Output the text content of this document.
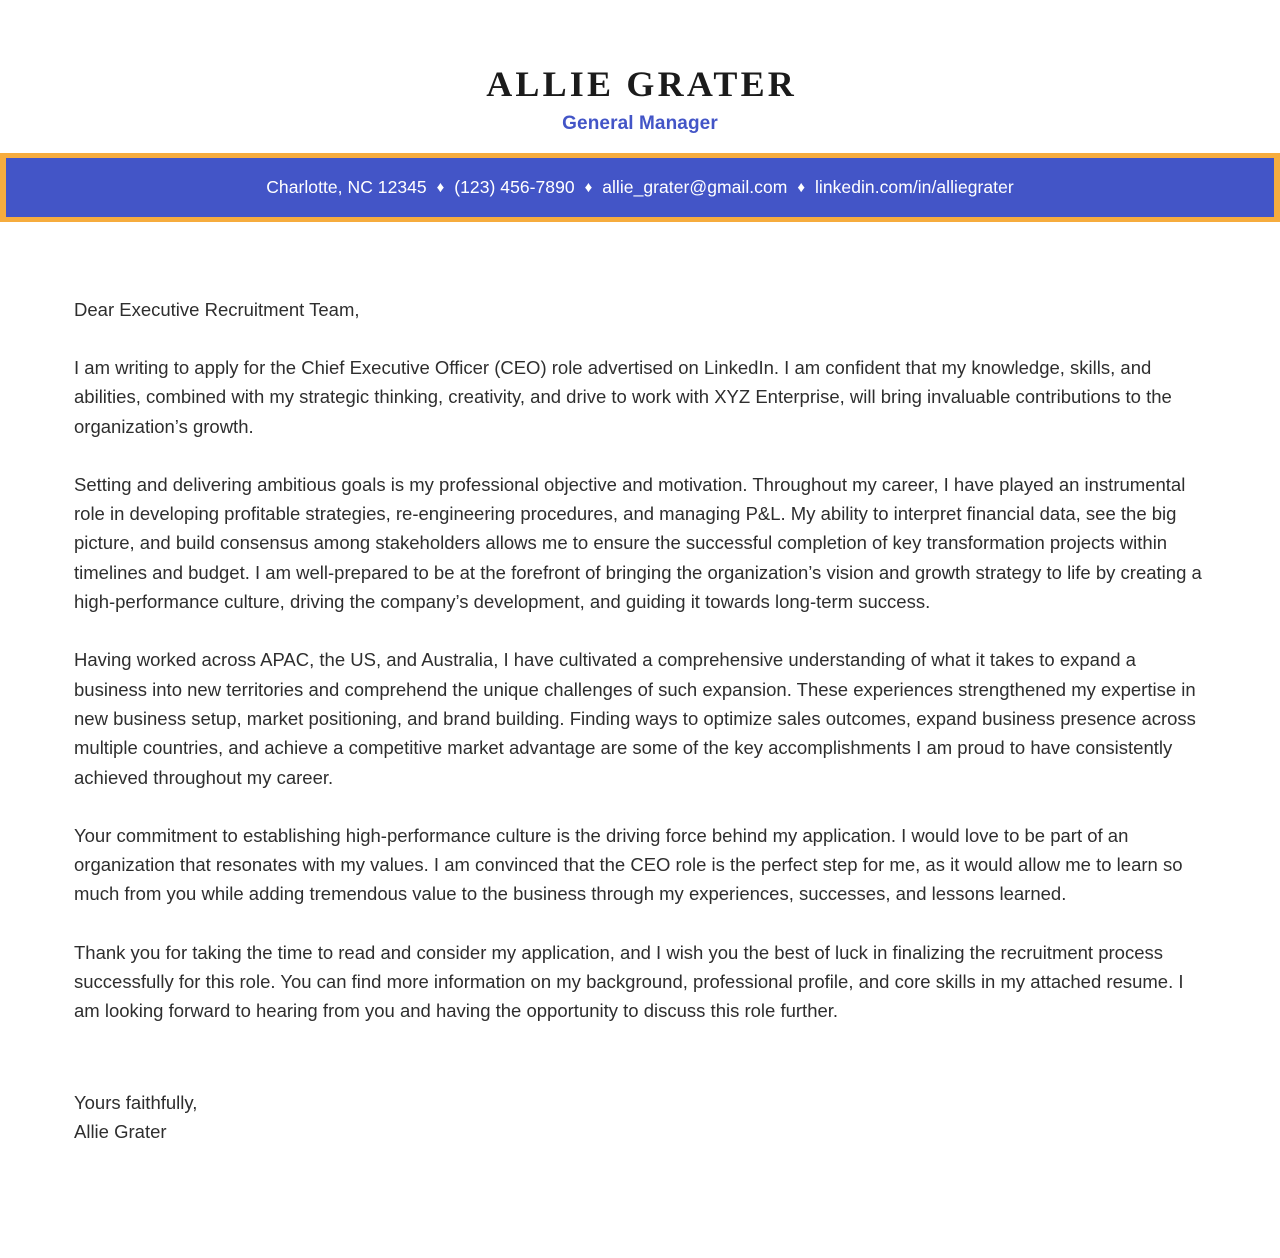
ALLIE GRATER
General Manager
Charlotte, NC 12345 ♦ (123) 456-7890 ♦ allie_grater@gmail.com ♦ linkedin.com/in/alliegrater

Dear Executive Recruitment Team,

I am writing to apply for the Chief Executive Officer (CEO) role advertised on LinkedIn. I am confident that my knowledge, skills, and abilities, combined with my strategic thinking, creativity, and drive to work with XYZ Enterprise, will bring invaluable contributions to the organization’s growth.

Setting and delivering ambitious goals is my professional objective and motivation. Throughout my career, I have played an instrumental role in developing profitable strategies, re-engineering procedures, and managing P&L. My ability to interpret financial data, see the big picture, and build consensus among stakeholders allows me to ensure the successful completion of key transformation projects within timelines and budget. I am well-prepared to be at the forefront of bringing the organization’s vision and growth strategy to life by creating a high-performance culture, driving the company’s development, and guiding it towards long-term success.

Having worked across APAC, the US, and Australia, I have cultivated a comprehensive understanding of what it takes to expand a business into new territories and comprehend the unique challenges of such expansion. These experiences strengthened my expertise in new business setup, market positioning, and brand building. Finding ways to optimize sales outcomes, expand business presence across multiple countries, and achieve a competitive market advantage are some of the key accomplishments I am proud to have consistently achieved throughout my career.

Your commitment to establishing high-performance culture is the driving force behind my application. I would love to be part of an organization that resonates with my values. I am convinced that the CEO role is the perfect step for me, as it would allow me to learn so much from you while adding tremendous value to the business through my experiences, successes, and lessons learned.

Thank you for taking the time to read and consider my application, and I wish you the best of luck in finalizing the recruitment process successfully for this role. You can find more information on my background, professional profile, and core skills in my attached resume. I am looking forward to hearing from you and having the opportunity to discuss this role further.

Yours faithfully,

Allie Grater
